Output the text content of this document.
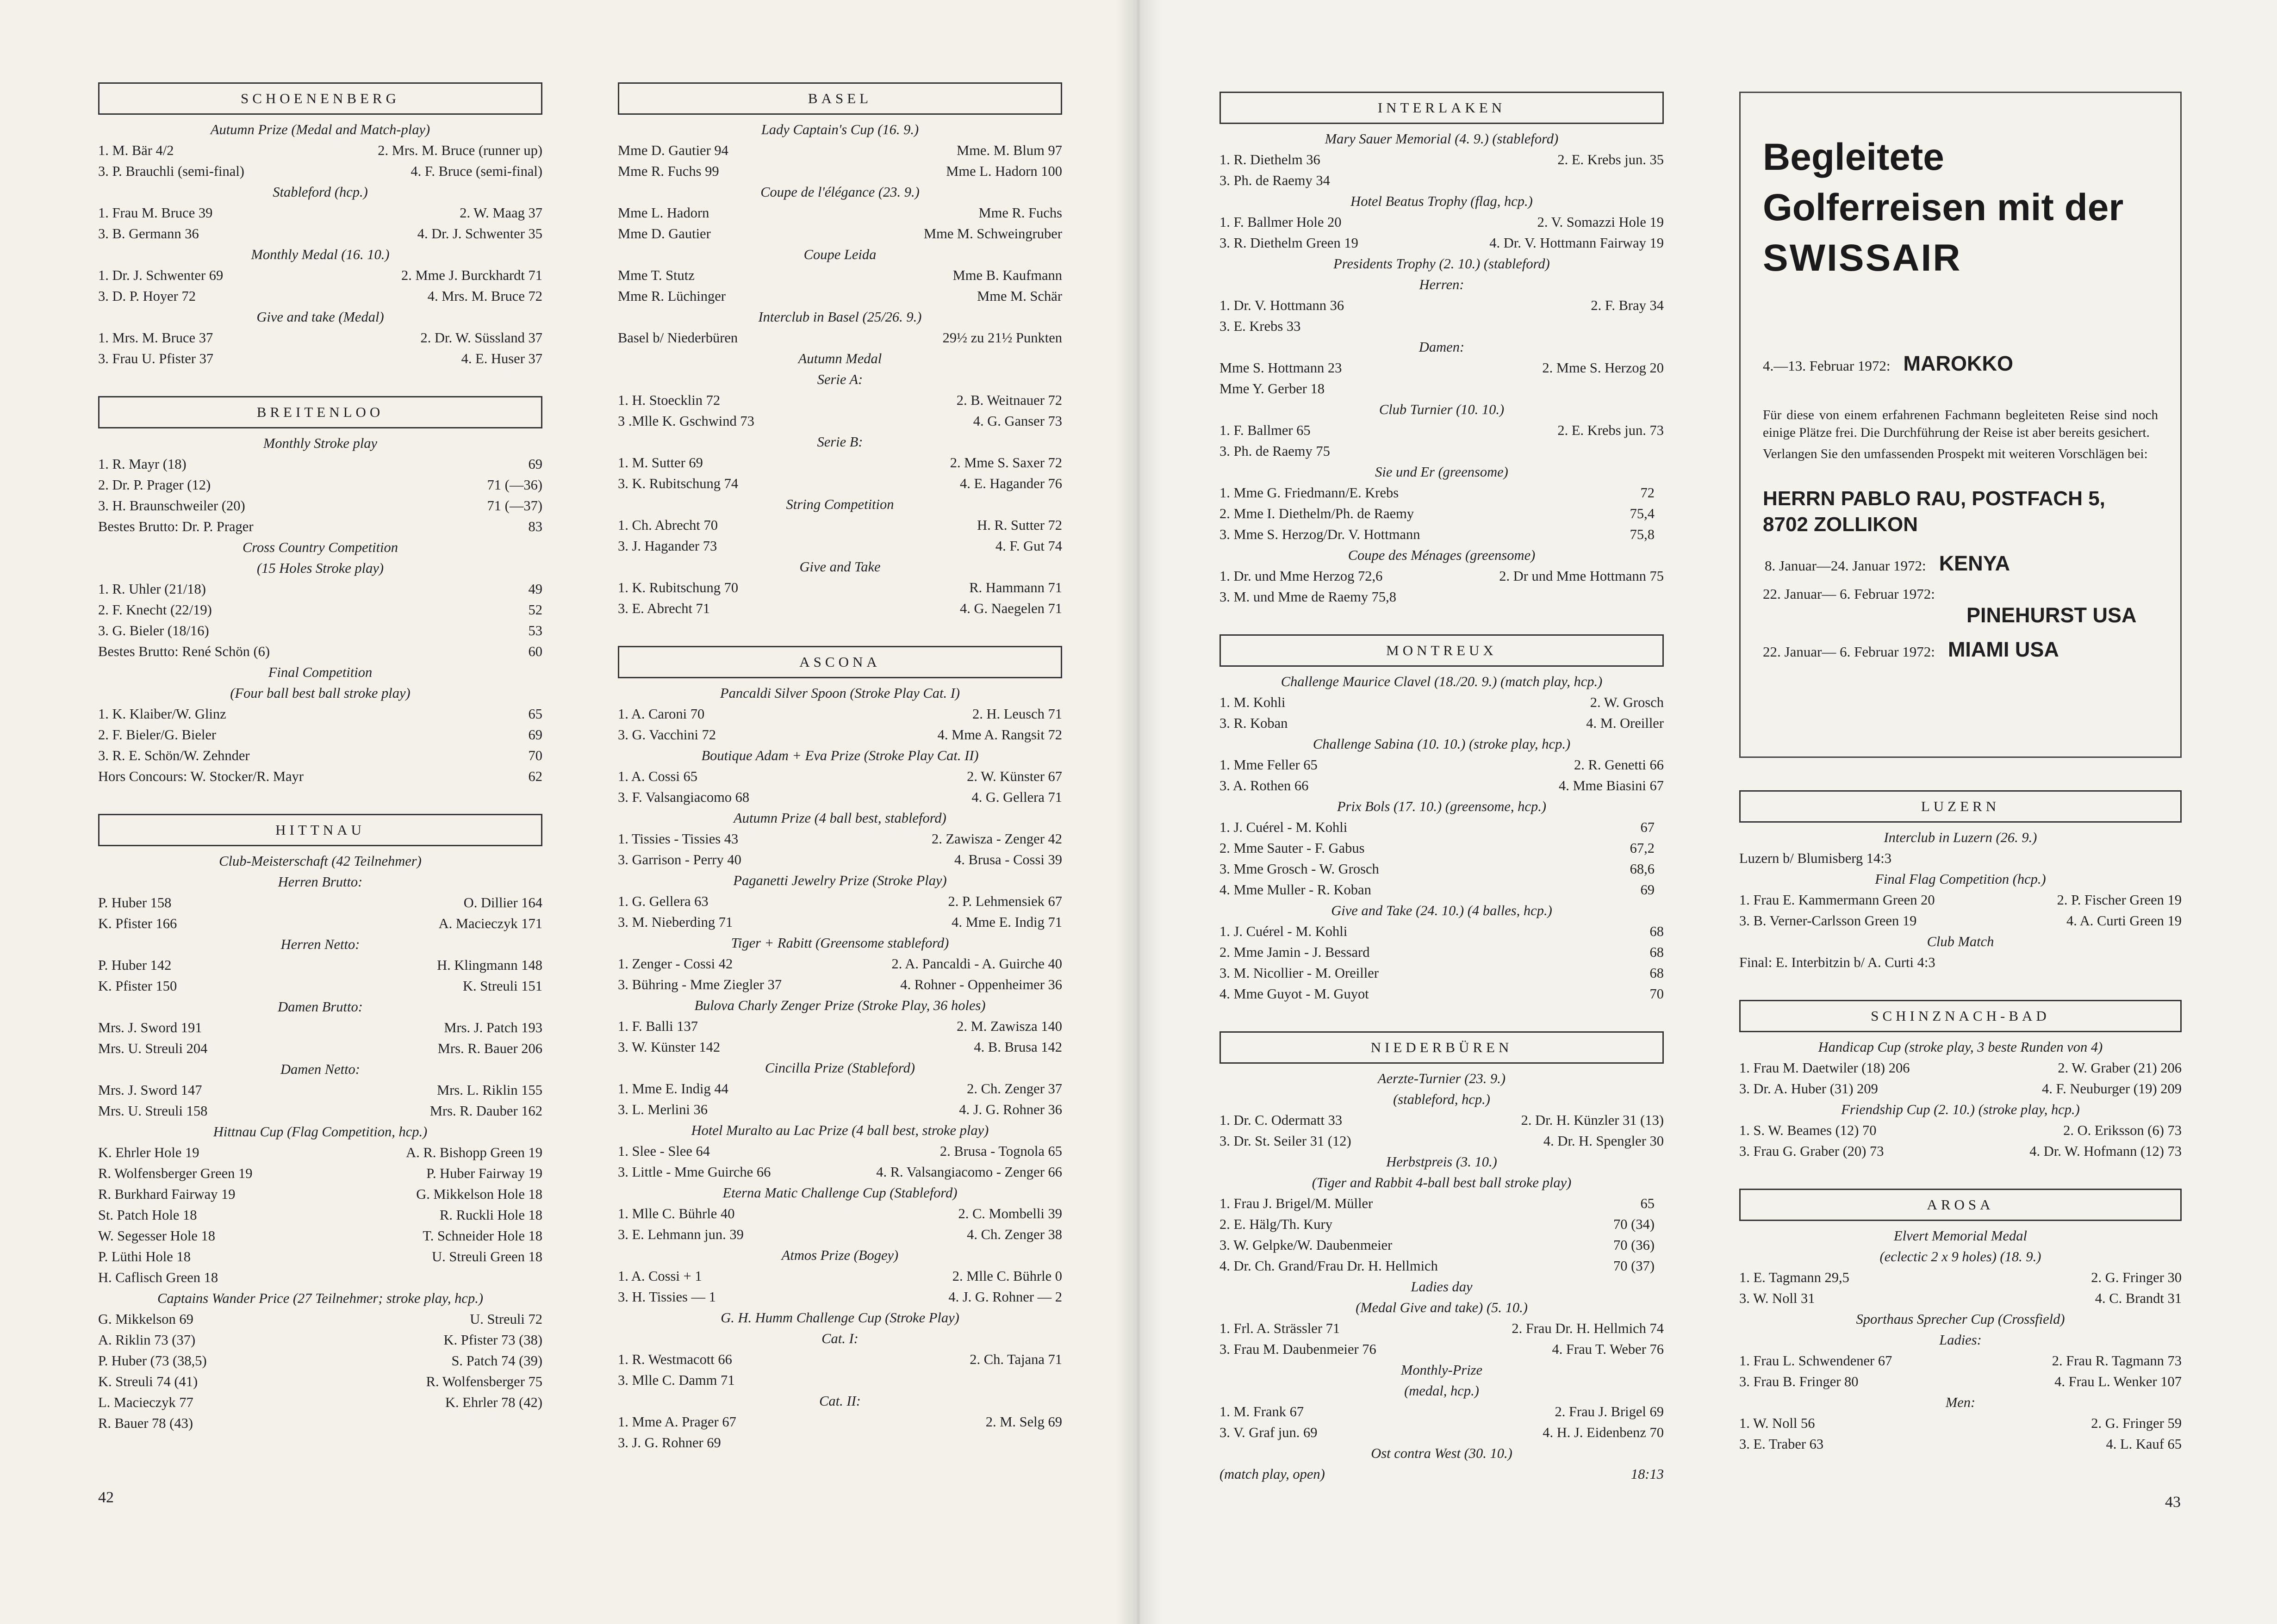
SCHOENENBERG
Autumn Prize (Medal and Match-play)
1. M. Bär 4/2	2. Mrs. M. Bruce (runner up)
3. P. Brauchli (semi-final)	4. F. Bruce (semi-final)
Stableford (hcp.)
1. Frau M. Bruce 39	2. W. Maag 37
3. B. Germann 36	4. Dr. J. Schwenter 35
Monthly Medal (16. 10.)
1. Dr. J. Schwenter 69	2. Mme J. Burckhardt 71
3. D. P. Hoyer 72	4. Mrs. M. Bruce 72
Give and take (Medal)
1. Mrs. M. Bruce 37	2. Dr. W. Süssland 37
3. Frau U. Pfister 37	4. E. Huser 37
BREITENLOO
Monthly Stroke play
1. R. Mayr (18)	69
2. Dr. P. Prager (12)	71 (—36)
3. H. Braunschweiler (20)	71 (—37)
Bestes Brutto: Dr. P. Prager	83
Cross Country Competition
(15 Holes Stroke play)
1. R. Uhler (21/18)	49
2. F. Knecht (22/19)	52
3. G. Bieler (18/16)	53
Bestes Brutto: René Schön (6)	60
Final Competition
(Four ball best ball stroke play)
1. K. Klaiber/W. Glinz	65
2. F. Bieler/G. Bieler	69
3. R. E. Schön/W. Zehnder	70
Hors Concours: W. Stocker/R. Mayr	62
HITTNAU
Club-Meisterschaft (42 Teilnehmer)
Herren Brutto:
P. Huber 158	O. Dillier 164
K. Pfister 166	A. Macieczyk 171
Herren Netto:
P. Huber 142	H. Klingmann 148
K. Pfister 150	K. Streuli 151
Damen Brutto:
Mrs. J. Sword 191	Mrs. J. Patch 193
Mrs. U. Streuli 204	Mrs. R. Bauer 206
Damen Netto:
Mrs. J. Sword 147	Mrs. L. Riklin 155
Mrs. U. Streuli 158	Mrs. R. Dauber 162
Hittnau Cup (Flag Competition, hcp.)
K. Ehrler Hole 19	A. R. Bishopp Green 19
R. Wolfensberger Green 19	P. Huber Fairway 19
R. Burkhard Fairway 19	G. Mikkelson Hole 18
St. Patch Hole 18	R. Ruckli Hole 18
W. Segesser Hole 18	T. Schneider Hole 18
P. Lüthi Hole 18	U. Streuli Green 18
H. Caflisch Green 18
Captains Wander Price (27 Teilnehmer; stroke play, hcp.)
G. Mikkelson 69	U. Streuli 72
A. Riklin 73 (37)	K. Pfister 73 (38)
P. Huber (73 (38,5)	S. Patch 74 (39)
K. Streuli 74 (41)	R. Wolfensberger 75
L. Macieczyk 77	K. Ehrler 78 (42)
R. Bauer 78 (43)
BASEL
Lady Captain's Cup (16. 9.)
Mme D. Gautier 94	Mme. M. Blum 97
Mme R. Fuchs 99	Mme L. Hadorn 100
Coupe de l'élégance (23. 9.)
Mme L. Hadorn	Mme R. Fuchs
Mme D. Gautier	Mme M. Schweingruber
Coupe Leida
Mme T. Stutz	Mme B. Kaufmann
Mme R. Lüchinger	Mme M. Schär
Interclub in Basel (25/26. 9.)
Basel b/ Niederbüren	29½ zu 21½ Punkten
Autumn Medal
Serie A:
1. H. Stoecklin 72	2. B. Weitnauer 72
3 .Mlle K. Gschwind 73	4. G. Ganser 73
Serie B:
1. M. Sutter 69	2. Mme S. Saxer 72
3. K. Rubitschung 74	4. E. Hagander 76
String Competition
1. Ch. Abrecht 70	H. R. Sutter 72
3. J. Hagander 73	4. F. Gut 74
Give and Take
1. K. Rubitschung 70	R. Hammann 71
3. E. Abrecht 71	4. G. Naegelen 71
ASCONA
Pancaldi Silver Spoon (Stroke Play Cat. I)
1. A. Caroni 70	2. H. Leusch 71
3. G. Vacchini 72	4. Mme A. Rangsit 72
Boutique Adam + Eva Prize (Stroke Play Cat. II)
1. A. Cossi 65	2. W. Künster 67
3. F. Valsangiacomo 68	4. G. Gellera 71
Autumn Prize (4 ball best, stableford)
1. Tissies - Tissies 43	2. Zawisza - Zenger 42
3. Garrison - Perry 40	4. Brusa - Cossi 39
Paganetti Jewelry Prize (Stroke Play)
1. G. Gellera 63	2. P. Lehmensiek 67
3. M. Nieberding 71	4. Mme E. Indig 71
Tiger + Rabitt (Greensome stableford)
1. Zenger - Cossi 42	2. A. Pancaldi - A. Guirche 40
3. Bühring - Mme Ziegler 37	4. Rohner - Oppenheimer 36
Bulova Charly Zenger Prize (Stroke Play, 36 holes)
1. F. Balli 137	2. M. Zawisza 140
3. W. Künster 142	4. B. Brusa 142
Cincilla Prize (Stableford)
1. Mme E. Indig 44	2. Ch. Zenger 37
3. L. Merlini 36	4. J. G. Rohner 36
Hotel Muralto au Lac Prize (4 ball best, stroke play)
1. Slee - Slee 64	2. Brusa - Tognola 65
3. Little - Mme Guirche 66	4. R. Valsangiacomo - Zenger 66
Eterna Matic Challenge Cup (Stableford)
1. Mlle C. Bührle 40	2. C. Mombelli 39
3. E. Lehmann jun. 39	4. Ch. Zenger 38
Atmos Prize (Bogey)
1. A. Cossi + 1	2. Mlle C. Bührle 0
3. H. Tissies — 1	4. J. G. Rohner — 2
G. H. Humm Challenge Cup (Stroke Play)
Cat. I:
1. R. Westmacott 66	2. Ch. Tajana 71
3. Mlle C. Damm 71
Cat. II:
1. Mme A. Prager 67	2. M. Selg 69
3. J. G. Rohner 69
42
INTERLAKEN
Mary Sauer Memorial (4. 9.) (stableford)
1. R. Diethelm 36	2. E. Krebs jun. 35
3. Ph. de Raemy 34
Hotel Beatus Trophy (flag, hcp.)
1. F. Ballmer Hole 20	2. V. Somazzi Hole 19
3. R. Diethelm Green 19	4. Dr. V. Hottmann Fairway 19
Presidents Trophy (2. 10.) (stableford)
Herren:
1. Dr. V. Hottmann 36	2. F. Bray 34
3. E. Krebs 33
Damen:
Mme S. Hottmann 23	2. Mme S. Herzog 20
Mme Y. Gerber 18
Club Turnier (10. 10.)
1. F. Ballmer 65	2. E. Krebs jun. 73
3. Ph. de Raemy 75
Sie und Er (greensome)
1. Mme G. Friedmann/E. Krebs	72
2. Mme I. Diethelm/Ph. de Raemy	75,4
3. Mme S. Herzog/Dr. V. Hottmann	75,8
Coupe des Ménages (greensome)
1. Dr. und Mme Herzog 72,6	2. Dr und Mme Hottmann 75
3. M. und Mme de Raemy 75,8
MONTREUX
Challenge Maurice Clavel (18./20. 9.) (match play, hcp.)
1. M. Kohli	2. W. Grosch
3. R. Koban	4. M. Oreiller
Challenge Sabina (10. 10.) (stroke play, hcp.)
1. Mme Feller 65	2. R. Genetti 66
3. A. Rothen 66	4. Mme Biasini 67
Prix Bols (17. 10.) (greensome, hcp.)
1. J. Cuérel - M. Kohli	67
2. Mme Sauter - F. Gabus	67,2
3. Mme Grosch - W. Grosch	68,6
4. Mme Muller - R. Koban	69
Give and Take (24. 10.) (4 balles, hcp.)
1. J. Cuérel - M. Kohli	68
2. Mme Jamin - J. Bessard	68
3. M. Nicollier - M. Oreiller	68
4. Mme Guyot - M. Guyot	70
NIEDERBÜREN
Aerzte-Turnier (23. 9.)
(stableford, hcp.)
1. Dr. C. Odermatt 33	2. Dr. H. Künzler 31 (13)
3. Dr. St. Seiler 31 (12)	4. Dr. H. Spengler 30
Herbstpreis (3. 10.)
(Tiger and Rabbit 4-ball best ball stroke play)
1. Frau J. Brigel/M. Müller	65
2. E. Hälg/Th. Kury	70 (34)
3. W. Gelpke/W. Daubenmeier	70 (36)
4. Dr. Ch. Grand/Frau Dr. H. Hellmich	70 (37)
Ladies day
(Medal Give and take) (5. 10.)
1. Frl. A. Strässler 71	2. Frau Dr. H. Hellmich 74
3. Frau M. Daubenmeier 76	4. Frau T. Weber 76
Monthly-Prize
(medal, hcp.)
1. M. Frank 67	2. Frau J. Brigel 69
3. V. Graf jun. 69	4. H. J. Eidenbenz 70
Ost contra West (30. 10.)
(match play, open)	18:13
43
Begleitete
Golferreisen mit der
SWISSAIR
4.—13. Februar 1972: MAROKKO
Für diese von einem erfahrenen Fachmann begleiteten Reise sind noch einige Plätze frei. Die Durchführung der Reise ist aber bereits gesichert.
Verlangen Sie den umfassenden Prospekt mit weiteren Vorschlägen bei:
HERRN PABLO RAU, POSTFACH 5,
8702 ZOLLIKON
8. Januar—24. Januar 1972: KENYA
22. Januar— 6. Februar 1972:
PINEHURST USA
22. Januar— 6. Februar 1972: MIAMI USA
LUZERN
Interclub in Luzern (26. 9.)
Luzern b/ Blumisberg 14:3
Final Flag Competition (hcp.)
1. Frau E. Kammermann Green 20	2. P. Fischer Green 19
3. B. Verner-Carlsson Green 19	4. A. Curti Green 19
Club Match
Final: E. Interbitzin b/ A. Curti 4:3
SCHINZNACH-BAD
Handicap Cup (stroke play, 3 beste Runden von 4)
1. Frau M. Daetwiler (18) 206	2. W. Graber (21) 206
3. Dr. A. Huber (31) 209	4. F. Neuburger (19) 209
Friendship Cup (2. 10.) (stroke play, hcp.)
1. S. W. Beames (12) 70	2. O. Eriksson (6) 73
3. Frau G. Graber (20) 73	4. Dr. W. Hofmann (12) 73
AROSA
Elvert Memorial Medal
(eclectic 2 x 9 holes) (18. 9.)
1. E. Tagmann 29,5	2. G. Fringer 30
3. W. Noll 31	4. C. Brandt 31
Sporthaus Sprecher Cup (Crossfield)
Ladies:
1. Frau L. Schwendener 67	2. Frau R. Tagmann 73
3. Frau B. Fringer 80	4. Frau L. Wenker 107
Men:
1. W. Noll 56	2. G. Fringer 59
3. E. Traber 63	4. L. Kauf 65
